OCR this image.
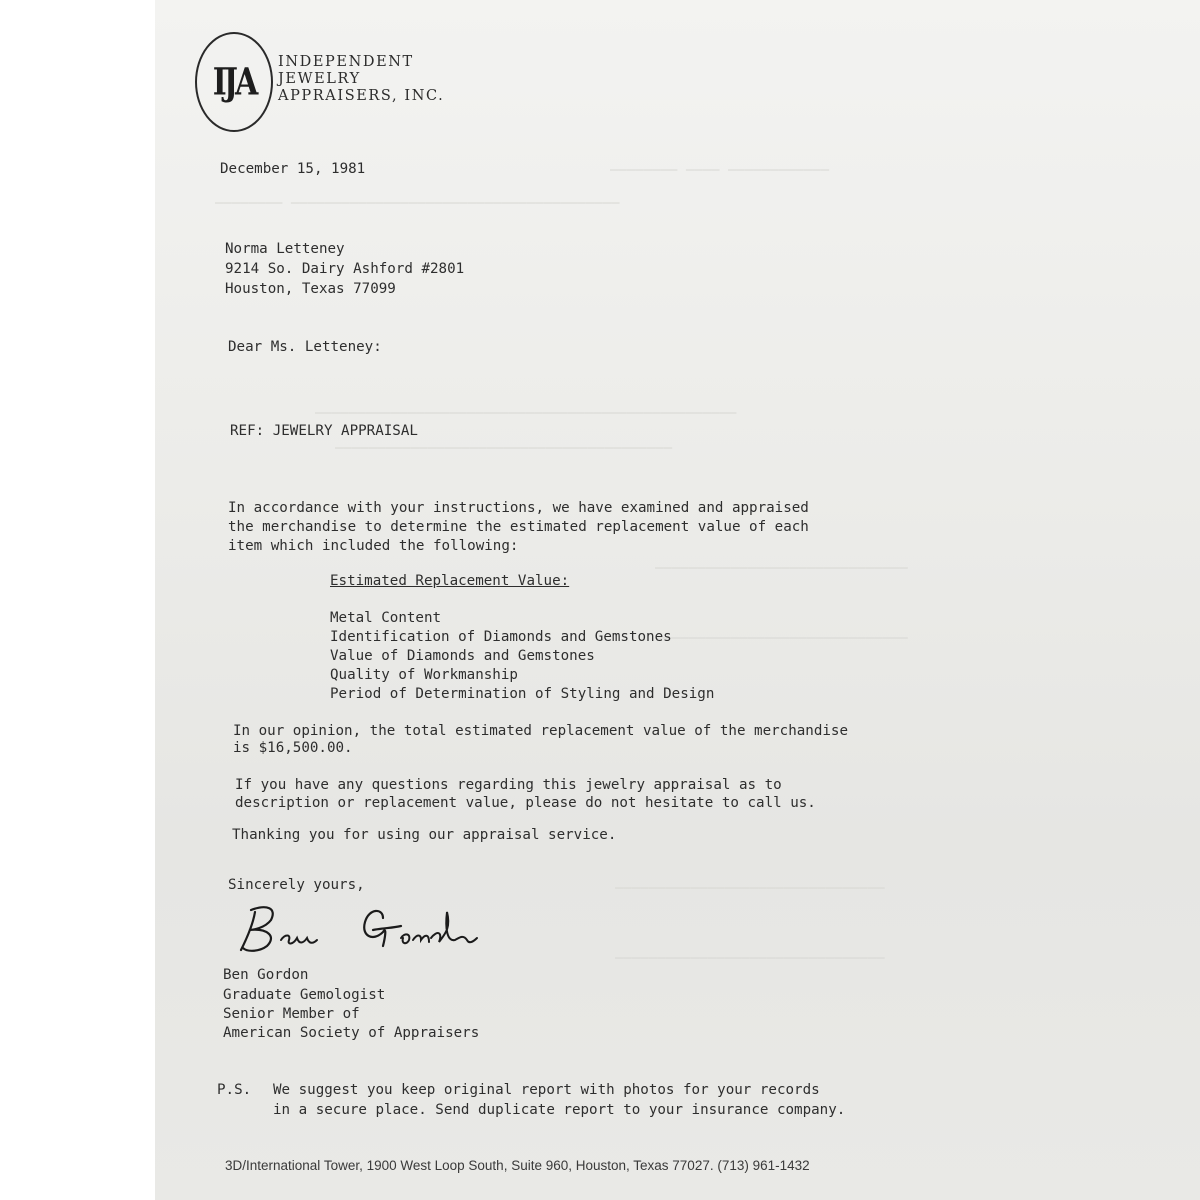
———————— ———— ————————————
———————— ———————————————————————————————————————
——————————————————————————————————————————————————
————————————————————————————————————————
——————————————————————————————
——————————————————————————————
————————————————————————————————
————————————————————————————————
IJA INDEPENDENT
JEWELRY
APPRAISERS, INC.
December 15, 1981
Norma Letteney
9214 So. Dairy Ashford #2801
Houston, Texas 77099
Dear Ms. Letteney:
REF: JEWELRY APPRAISAL
In accordance with your instructions, we have examined and appraised
the merchandise to determine the estimated replacement value of each
item which included the following:
Estimated Replacement Value:
Metal Content
Identification of Diamonds and Gemstones
Value of Diamonds and Gemstones
Quality of Workmanship
Period of Determination of Styling and Design
In our opinion, the total estimated replacement value of the merchandise
is $16,500.00.
If you have any questions regarding this jewelry appraisal as to
description or replacement value, please do not hesitate to call us.
Thanking you for using our appraisal service.
Sincerely yours,
Ben Gordon
Graduate Gemologist
Senior Member of
American Society of Appraisers
P.S. We suggest you keep original report with photos for your records
in a secure place. Send duplicate report to your insurance company.
3D/International Tower, 1900 West Loop South, Suite 960, Houston, Texas 77027. (713) 961-1432
